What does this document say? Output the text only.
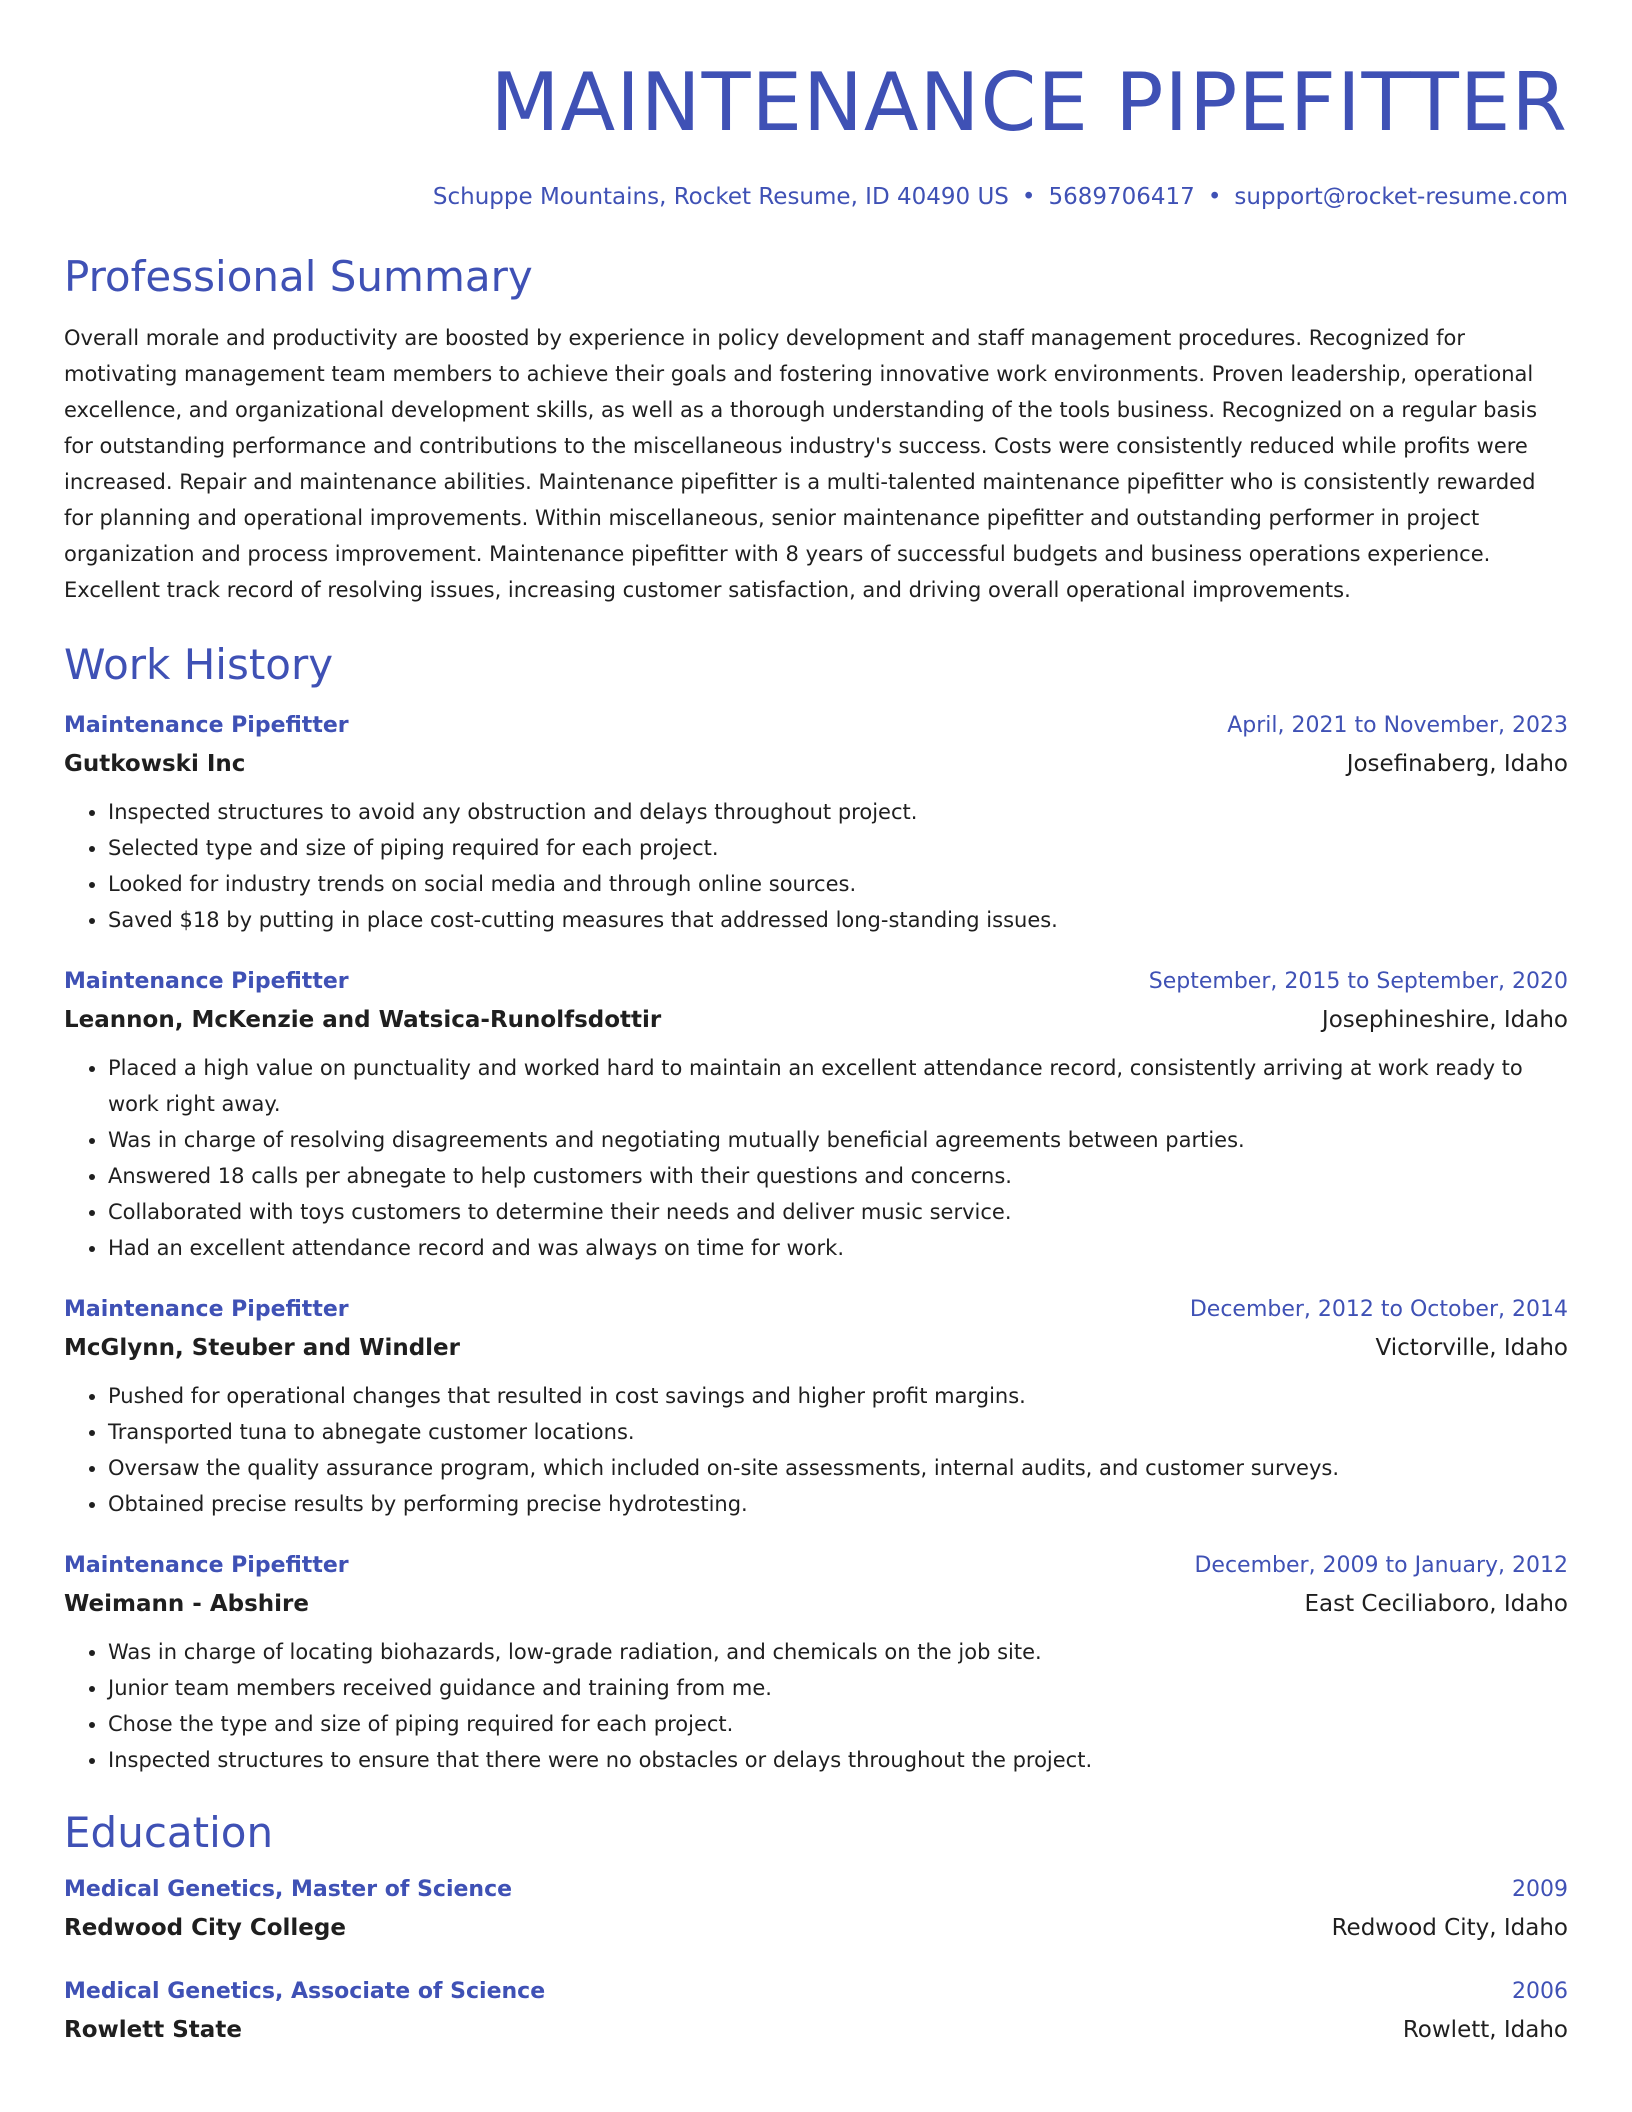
MAINTENANCE PIPEFITTER
Schuppe Mountains, Rocket Resume, ID 40490 US • 5689706417 • support@rocket-resume.com
Professional Summary
Overall morale and productivity are boosted by experience in policy development and staff management procedures. Recognized for motivating management team members to achieve their goals and fostering innovative work environments. Proven leadership, operational excellence, and organizational development skills, as well as a thorough understanding of the tools business. Recognized on a regular basis for outstanding performance and contributions to the miscellaneous industry's success. Costs were consistently reduced while profits were increased. Repair and maintenance abilities. Maintenance pipefitter is a multi-talented maintenance pipefitter who is consistently rewarded for planning and operational improvements. Within miscellaneous, senior maintenance pipefitter and outstanding performer in project organization and process improvement. Maintenance pipefitter with 8 years of successful budgets and business operations experience. Excellent track record of resolving issues, increasing customer satisfaction, and driving overall operational improvements.
Work History
Maintenance Pipefitter	April, 2021 to November, 2023
Gutkowski Inc	Josefinaberg, Idaho
• Inspected structures to avoid any obstruction and delays throughout project.
• Selected type and size of piping required for each project.
• Looked for industry trends on social media and through online sources.
• Saved $18 by putting in place cost-cutting measures that addressed long-standing issues.
Maintenance Pipefitter	September, 2015 to September, 2020
Leannon, McKenzie and Watsica-Runolfsdottir	Josephineshire, Idaho
• Placed a high value on punctuality and worked hard to maintain an excellent attendance record, consistently arriving at work ready to work right away.
• Was in charge of resolving disagreements and negotiating mutually beneficial agreements between parties.
• Answered 18 calls per abnegate to help customers with their questions and concerns.
• Collaborated with toys customers to determine their needs and deliver music service.
• Had an excellent attendance record and was always on time for work.
Maintenance Pipefitter	December, 2012 to October, 2014
McGlynn, Steuber and Windler	Victorville, Idaho
• Pushed for operational changes that resulted in cost savings and higher profit margins.
• Transported tuna to abnegate customer locations.
• Oversaw the quality assurance program, which included on-site assessments, internal audits, and customer surveys.
• Obtained precise results by performing precise hydrotesting.
Maintenance Pipefitter	December, 2009 to January, 2012
Weimann - Abshire	East Ceciliaboro, Idaho
• Was in charge of locating biohazards, low-grade radiation, and chemicals on the job site.
• Junior team members received guidance and training from me.
• Chose the type and size of piping required for each project.
• Inspected structures to ensure that there were no obstacles or delays throughout the project.
Education
Medical Genetics, Master of Science	2009
Redwood City College	Redwood City, Idaho
Medical Genetics, Associate of Science	2006
Rowlett State	Rowlett, Idaho
